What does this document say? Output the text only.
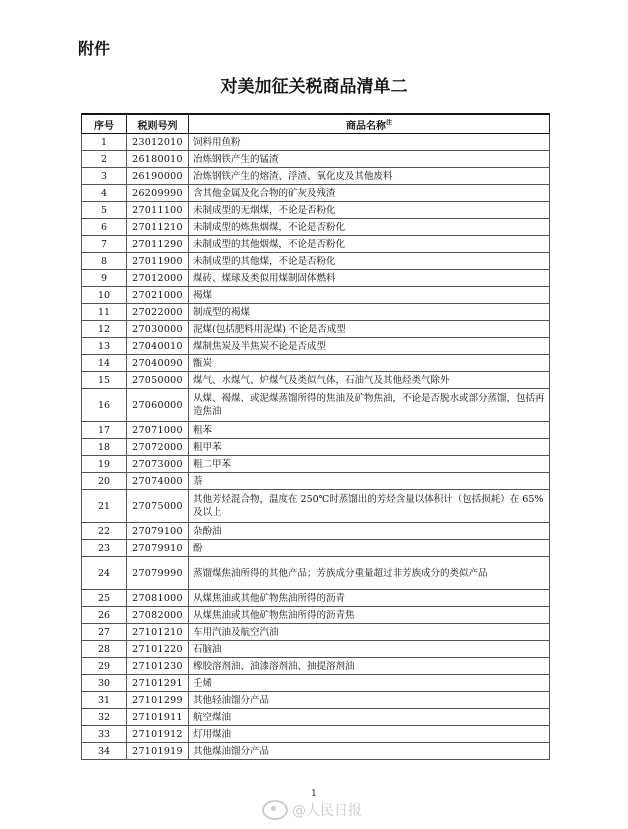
附件
对美加征关税商品清单二
序号	税则号列	商品名称$^注$
1	23012010	饲料用鱼粉
2	26180010	冶炼钢铁产生的锰渣
3	26190000	冶炼钢铁产生的熔渣、浮渣、氧化皮及其他废料
4	26209990	含其他金属及化合物的矿灰及残渣
5	27011100	未制成型的无烟煤，不论是否粉化
6	27011210	未制成型的炼焦烟煤，不论是否粉化
7	27011290	未制成型的其他烟煤，不论是否粉化
8	27011900	未制成型的其他煤，不论是否粉化
9	27012000	煤砖、煤球及类似用煤制固体燃料
10	27021000	褐煤
11	27022000	制成型的褐煤
12	27030000	泥煤(包括肥料用泥煤) 不论是否成型
13	27040010	煤制焦炭及半焦炭不论是否成型
14	27040090	甑炭
15	27050000	煤气、水煤气、炉煤气及类似气体，石油气及其他烃类气除外
16	27060000	从煤、褐煤、或泥煤蒸馏所得的焦油及矿物焦油，不论是否脱水或部分蒸馏，包括再造焦油
17	27071000	粗苯
18	27072000	粗甲苯
19	27073000	粗二甲苯
20	27074000	萘
21	27075000	其他芳烃混合物，温度在 250℃时蒸馏出的芳烃含量以体积计（包括损耗）在 65%及以上
22	27079100	杂酚油
23	27079910	酚
24	27079990	蒸馏煤焦油所得的其他产品；芳族成分重量超过非芳族成分的类似产品
25	27081000	从煤焦油或其他矿物焦油所得的沥青
26	27082000	从煤焦油或其他矿物焦油所得的沥青焦
27	27101210	车用汽油及航空汽油
28	27101220	石脑油
29	27101230	橡胶溶剂油、油漆溶剂油、抽提溶剂油
30	27101291	壬烯
31	27101299	其他轻油馏分产品
32	27101911	航空煤油
33	27101912	灯用煤油
34	27101919	其他煤油馏分产品
1
@人民日报
